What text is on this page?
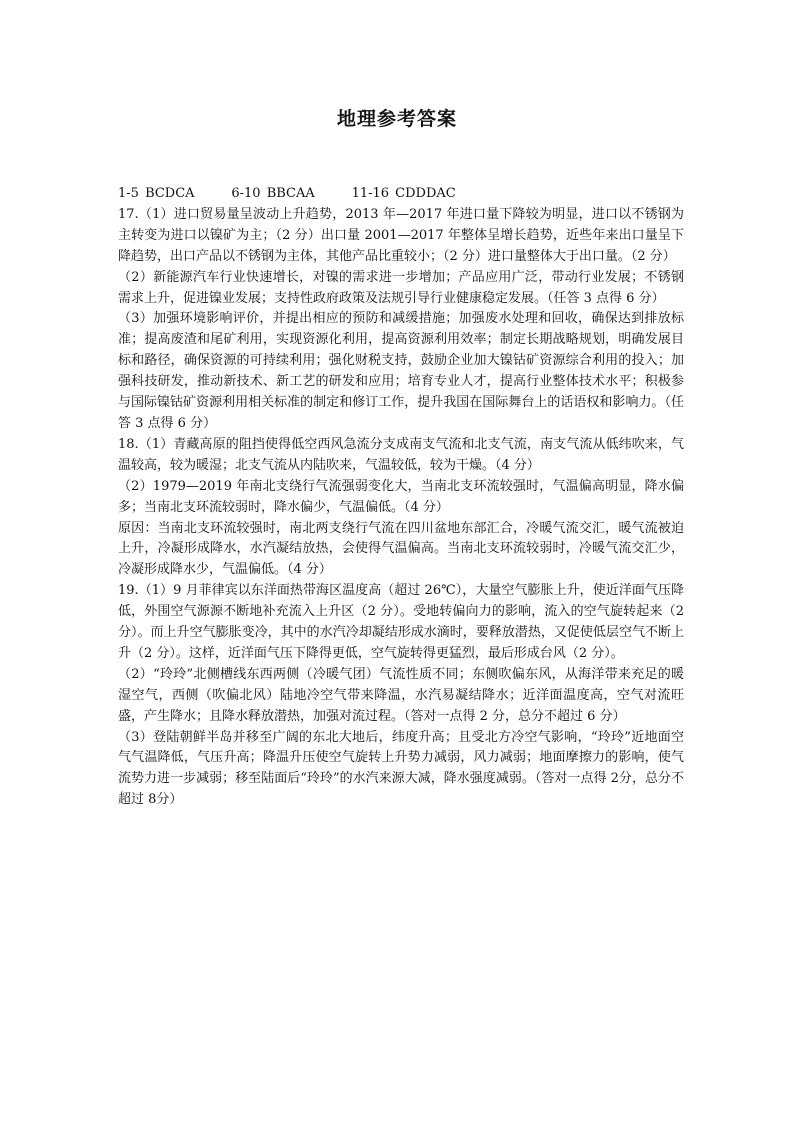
地理参考答案
1-5 BCDCA      6-10 BBCAA      11-16 CDDDAC
17.（1）进口贸易量呈波动上升趋势，2013 年—2017 年进口量下降较为明显，进口以不锈钢为主转变为进口以镍矿为主；（2 分）出口量 2001—2017 年整体呈增长趋势，近些年来出口量呈下降趋势，出口产品以不锈钢为主体，其他产品比重较小；（2 分）进口量整体大于出口量。（2 分）
（2）新能源汽车行业快速增长，对镍的需求进一步增加；产品应用广泛，带动行业发展；不锈钢需求上升，促进镍业发展；支持性政府政策及法规引导行业健康稳定发展。（任答 3 点得 6 分）
（3）加强环境影响评价，并提出相应的预防和减缓措施；加强废水处理和回收，确保达到排放标准；提高废渣和尾矿利用，实现资源化利用，提高资源利用效率；制定长期战略规划，明确发展目标和路径，确保资源的可持续利用；强化财税支持，鼓励企业加大镍钴矿资源综合利用的投入；加强科技研发，推动新技术、新工艺的研发和应用；培育专业人才，提高行业整体技术水平；积极参与国际镍钴矿资源利用相关标准的制定和修订工作，提升我国在国际舞台上的话语权和影响力。（任答 3 点得 6 分）
18.（1）青藏高原的阻挡使得低空西风急流分支成南支气流和北支气流，南支气流从低纬吹来，气温较高，较为暖湿；北支气流从内陆吹来，气温较低，较为干燥。（4 分）
（2）1979—2019 年南北支绕行气流强弱变化大，当南北支环流较强时，气温偏高明显，降水偏多；当南北支环流较弱时，降水偏少，气温偏低。（4 分）
原因：当南北支环流较强时，南北两支绕行气流在四川盆地东部汇合，冷暖气流交汇，暖气流被迫上升，冷凝形成降水，水汽凝结放热，会使得气温偏高。当南北支环流较弱时，冷暖气流交汇少，冷凝形成降水少，气温偏低。（4 分）
19.（1）9 月菲律宾以东洋面热带海区温度高（超过 26℃），大量空气膨胀上升，使近洋面气压降低，外围空气源源不断地补充流入上升区（2 分）。受地转偏向力的影响，流入的空气旋转起来（2 分）。而上升空气膨胀变冷，其中的水汽冷却凝结形成水滴时，要释放潜热，又促使低层空气不断上升（2 分）。这样，近洋面气压下降得更低，空气旋转得更猛烈，最后形成台风（2 分）。
（2）“玲玲”北侧槽线东西两侧（冷暖气团）气流性质不同；东侧吹偏东风，从海洋带来充足的暖湿空气，西侧（吹偏北风）陆地冷空气带来降温，水汽易凝结降水；近洋面温度高，空气对流旺盛，产生降水；且降水释放潜热，加强对流过程。（答对一点得 2 分，总分不超过 6 分）
（3）登陆朝鲜半岛并移至广阔的东北大地后，纬度升高；且受北方冷空气影响，“玲玲”近地面空气气温降低，气压升高；降温升压使空气旋转上升势力减弱，风力减弱；地面摩擦力的影响，使气流势力进一步减弱；移至陆面后“玲玲”的水汽来源大减，降水强度减弱。（答对一点得 2分，总分不超过 8分）
